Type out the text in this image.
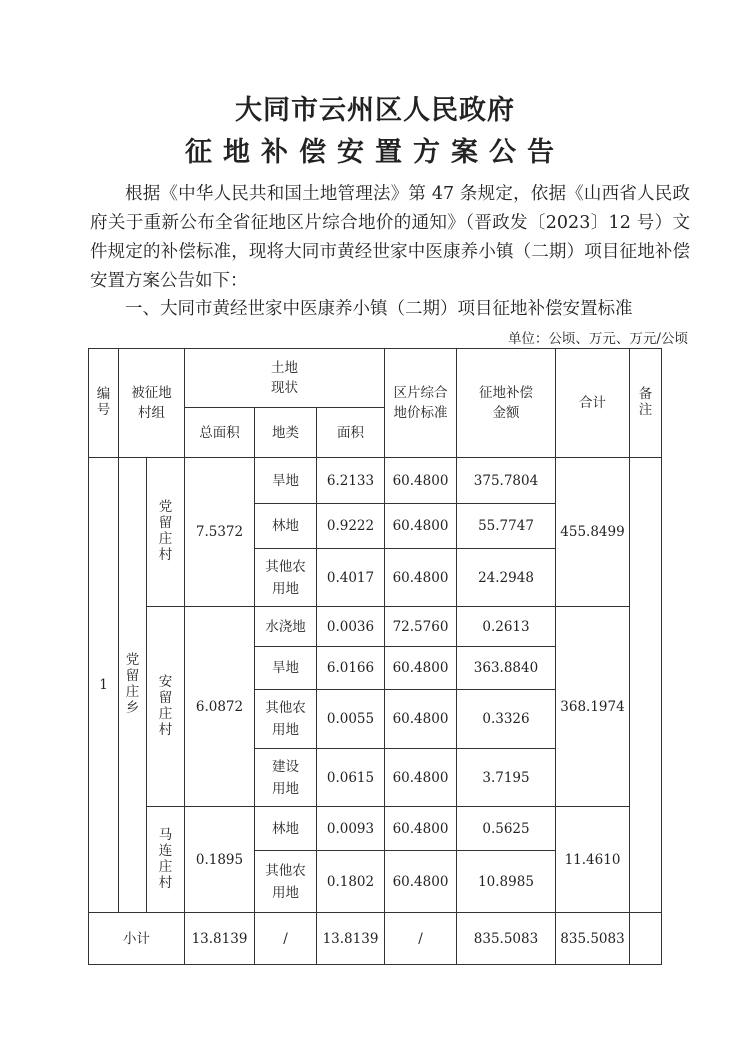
大同市云州区人民政府
征地补偿安置方案公告
根据《中华人民共和国土地管理法》第 47 条规定，依据《山西省人民政府关于重新公布全省征地区片综合地价的通知》（晋政发〔2023〕12 号）文件规定的补偿标准，现将大同市黄经世家中医康养小镇（二期）项目征地补偿安置方案公告如下：
一、大同市黄经世家中医康养小镇（二期）项目征地补偿安置标准
单位：公顷、万元、万元/公顷
编号	被征地村组		土地现状			区片综合地价标准	征地补偿金额	合计	备注
			总面积	地类	面积				
1	党留庄乡	党留庄村	7.5372	旱地	6.2133	60.4800	375.7804	455.8499	
				林地	0.9222	60.4800	55.7747		

				其他农用地	0.4017	60.4800	24.2948		
		安留庄村	6.0872	水浇地	0.0036	72.5760	0.2613	368.1974	
				旱地	6.0166	60.4800	363.8840		

				其他农用地	0.0055	60.4800	0.3326		

				建设用地	0.0615	60.4800	3.7195		
		马连庄村	0.1895	林地	0.0093	60.4800	0.5625	11.4610	

				其他农用地	0.1802	60.4800	10.8985		
小计			13.8139	/	13.8139	/	835.5083	835.5083	
